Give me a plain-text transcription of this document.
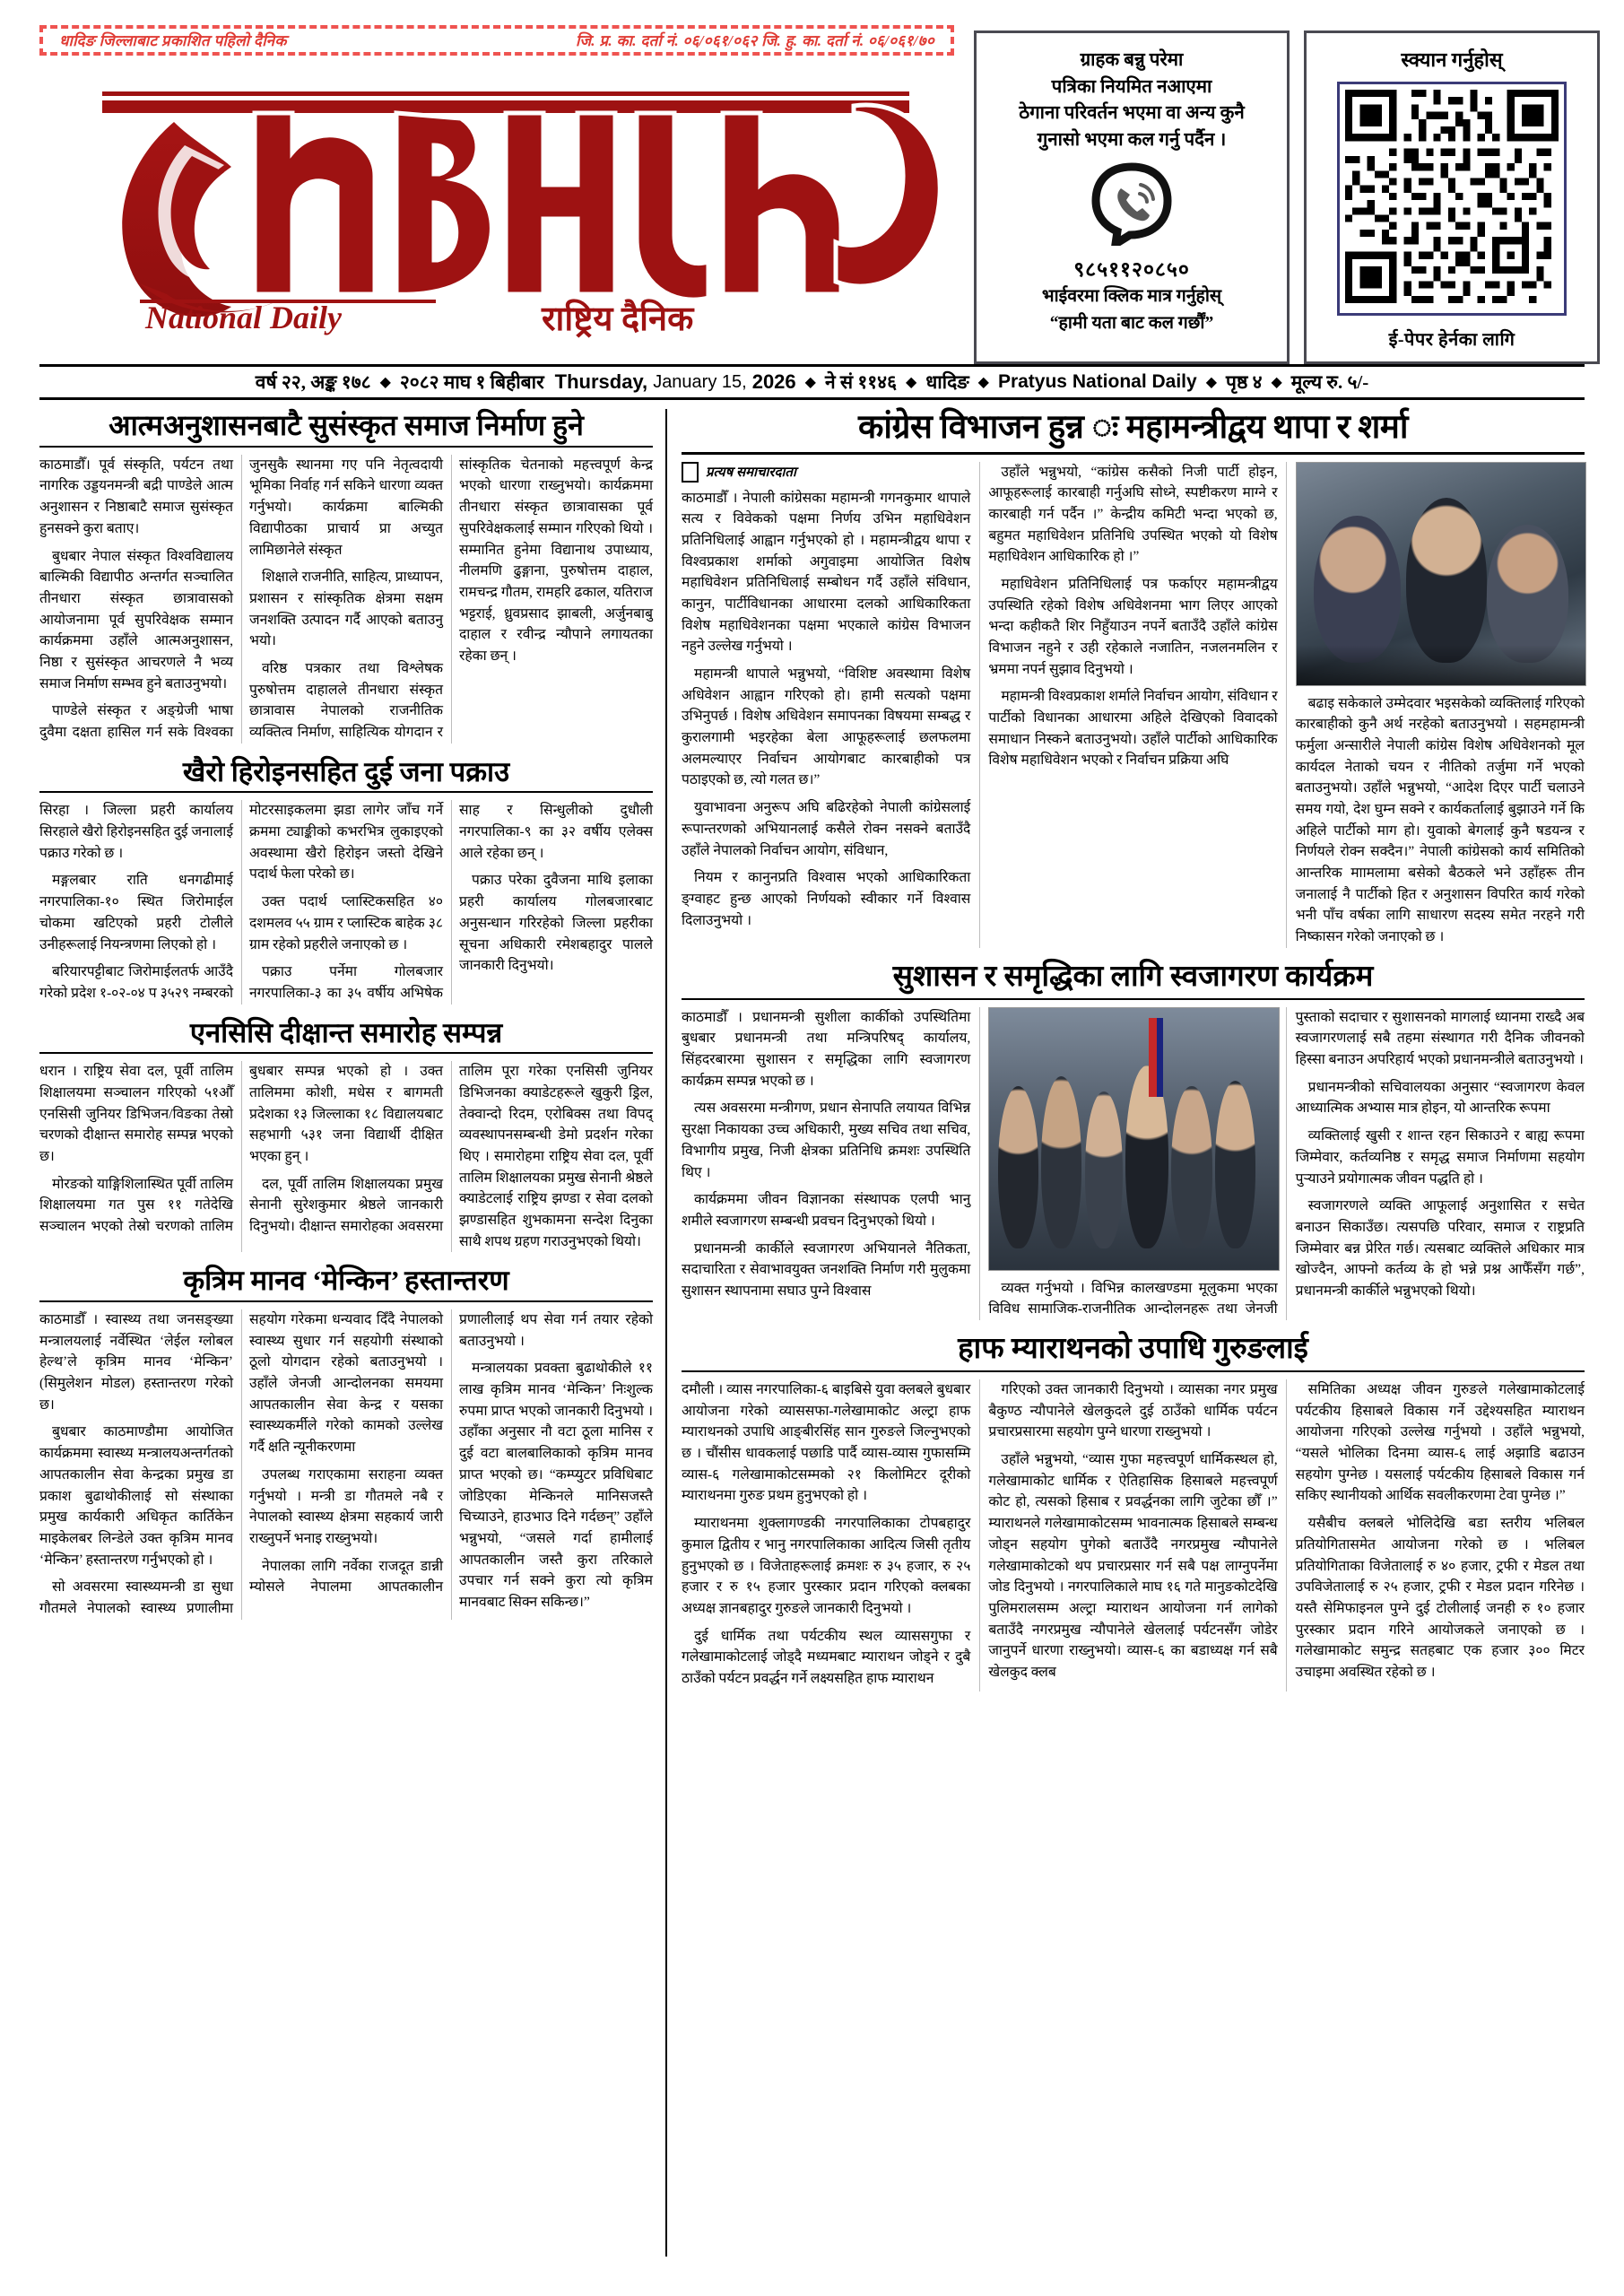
धादिङ जिल्लाबाट प्रकाशित पहिलो दैनिक	जि. प्र. का. दर्ता नं. ०६/०६१/०६२ जि. हु. का. दर्ता नं. ०६/०६१/७०
National Daily	राष्ट्रिय दैनिक
ग्राहक बन्नु परेमा
पत्रिका नियमित नआएमा
ठेगाना परिवर्तन भएमा वा अन्य कुनै
गुनासो भएमा कल गर्नु पर्दैन ।
९८५११२०८५०
भाईवरमा क्लिक मात्र गर्नुहोस्
“हामी यता बाट कल गर्छौं”
स्क्यान गर्नुहोस्
ई-पेपर हेर्नका लागि
वर्ष २२, अङ्क १७८ ◆ २०८२ माघ १ बिहीबार Thursday, January 15, 2026 ◆ ने सं ११४६ ◆ धादिङ ◆ Pratyus National Daily ◆ पृष्ठ ४ ◆ मूल्य रु. ५/-
आत्मअनुशासनबाटै सुसंस्कृत समाज निर्माण हुने

काठमाडौँ। पूर्व संस्कृति, पर्यटन तथा नागरिक उड्डयनमन्त्री बद्री पाण्डेले आत्म अनुशासन र निष्ठाबाटै समाज सुसंस्कृत हुनसक्ने कुरा बताए।

बुधबार नेपाल संस्कृत विश्वविद्यालय बाल्मिकी विद्यापीठ अन्तर्गत सञ्चालित तीनधारा संस्कृत छात्रावासको आयोजनामा पूर्व सुपरिवेक्षक सम्मान कार्यक्रममा उहाँले आत्मअनुशासन, निष्ठा र सुसंस्कृत आचरणले नै भव्य समाज निर्माण सम्भव हुने बताउनुभयो।

पाण्डेले संस्कृत र अङ्ग्रेजी भाषा दुवैमा दक्षता हासिल गर्न सके विश्वका जुनसुकै स्थानमा गए पनि नेतृत्वदायी भूमिका निर्वाह गर्न सकिने धारणा व्यक्त गर्नुभयो। कार्यक्रमा बाल्मिकी विद्यापीठका प्राचार्य प्रा अच्युत लामिछानेले संस्कृत

शिक्षाले राजनीति, साहित्य, प्राध्यापन, प्रशासन र सांस्कृतिक क्षेत्रमा सक्षम जनशक्ति उत्पादन गर्दै आएको बताउनु भयो।

वरिष्ठ पत्रकार तथा विश्लेषक पुरुषोत्तम दाहालले तीनधारा संस्कृत छात्रावास नेपालको राजनीतिक व्यक्तित्व निर्माण, साहित्यिक योगदान र सांस्कृतिक चेतनाको महत्त्वपूर्ण केन्द्र भएको धारणा राख्नुभयो। कार्यक्रममा तीनधारा संस्कृत छात्रावासका पूर्व सुपरिवेक्षकलाई सम्मान गरिएको थियो । सम्मानित हुनेमा विद्यानाथ उपाध्याय, नीलमणि ढुङ्गाना, पुरुषोत्तम दाहाल, रामचन्द्र गौतम, रामहरि ढकाल, यतिराज भट्टराई, ध्रुवप्रसाद झाबली, अर्जुनबाबु दाहाल र रवीन्द्र न्यौपाने लगायतका रहेका छन् ।

खैरो हिरोइनसहित दुई जना पक्राउ

सिरहा । जिल्ला प्रहरी कार्यालय सिरहाले खैरो हिरोइनसहित दुई जनालाई पक्राउ गरेको छ ।

मङ्गलबार राति धनगढीमाई नगरपालिका-१० स्थित जिरोमाईल चोकमा खटिएको प्रहरी टोलीले उनीहरूलाई नियन्त्रणमा लिएको हो ।

बरियारपट्टीबाट जिरोमाईलतर्फ आउँदै गरेको प्रदेश १-०२-०४ प ३५२९ नम्बरको मोटरसाइकलमा झडा लागेर जाँच गर्ने क्रममा ट्याङ्कीको कभरभित्र लुकाइएको अवस्थामा खैरो हिरोइन जस्तो देखिने पदार्थ फेला परेको छ।

उक्त पदार्थ प्लास्टिकसहित ४० दशमलव ५५ ग्राम र प्लास्टिक बाहेक ३८ ग्राम रहेको प्रहरीले जनाएको छ ।

पक्राउ पर्नेमा गोलबजार नगरपालिका-३ का ३५ वर्षीय अभिषेक साह र सिन्धुलीको दुधौली नगरपालिका-९ का ३२ वर्षीय एलेक्स आले रहेका छन् ।

पक्राउ परेका दुवैजना माथि इलाका प्रहरी कार्यालय गोलबजारबाट अनुसन्धान गरिरहेको जिल्ला प्रहरीका सूचना अधिकारी रमेशबहादुर पाललेे जानकारी दिनुभयो।

एनसिसि दीक्षान्त समारोह सम्पन्न

धरान । राष्ट्रिय सेवा दल, पूर्वी तालिम शिक्षालयमा सञ्चालन गरिएको ५१औँ एनसिसी जुनियर डिभिजन/विङका तेस्रो चरणको दीक्षान्त समारोह सम्पन्न भएको छ।

मोरङको याङ्गिशिलास्थित पूर्वी तालिम शिक्षालयमा गत पुस ११ गतेदेखि सञ्चालन भएको तेस्रो चरणको तालिम बुधबार सम्पन्न भएको हो । उक्त तालिममा कोशी, मधेस र बागमती प्रदेशका १३ जिल्लाका १८ विद्यालयबाट सहभागी ५३१ जना विद्यार्थी दीक्षित भएका हुन् ।

दल, पूर्वी तालिम शिक्षालयका प्रमुख सेनानी सुरेशकुमार श्रेष्ठले जानकारी दिनुभयो। दीक्षान्त समारोहका अवसरमा तालिम पूरा गरेका एनसिसी जुनियर डिभिजनका क्याडेटहरूले खुकुरी ड्रिल, तेक्वान्दो रिदम, एरोबिक्स तथा विपद् व्यवस्थापनसम्बन्धी डेमो प्रदर्शन गरेका थिए । समारोहमा राष्ट्रिय सेवा दल, पूर्वी तालिम शिक्षालयका प्रमुख सेनानी श्रेष्ठले क्याडेटलाई राष्ट्रिय झण्डा र सेवा दलको झण्डासहित शुभकामना सन्देश दिनुका साथै शपथ ग्रहण गराउनुभएको थियो।

कृत्रिम मानव ‘मेन्किन’ हस्तान्तरण

काठमाडौँ । स्वास्थ्य तथा जनसङ्ख्या मन्त्रालयलाई नर्वेस्थित ‘लेईल ग्लोबल हेल्थ’ले कृत्रिम मानव ‘मेन्किन’ (सिमुलेशन मोडल) हस्तान्तरण गरेको छ।

बुधबार काठमाण्डौमा आयोजित कार्यक्रममा स्वास्थ्य मन्त्रालयअन्तर्गतको आपतकालीन सेवा केन्द्रका प्रमुख डा प्रकाश बुढाथोकीलाई सो संस्थाका प्रमुख कार्यकारी अधिकृत कार्तिकेन माइकेलबर लिन्डेले उक्त कृत्रिम मानव ‘मेन्किन’ हस्तान्तरण गर्नुभएको हो ।

सो अवसरमा स्वास्थ्यमन्त्री डा सुधा गौतमले नेपालको स्वास्थ्य प्रणालीमा सहयोग गरेकमा धन्यवाद दिँदै नेपालको स्वास्थ्य सुधार गर्न सहयोगी संस्थाको ठूलो योगदान रहेको बताउनुभयो । उहाँले जेनजी आन्दोलनका समयमा आपतकालीन सेवा केन्द्र र यसका स्वास्थ्यकर्मीले गरेको कामको उल्लेख गर्दै क्षति न्यूनीकरणमा

उपलब्ध गराएकामा सराहना व्यक्त गर्नुभयो । मन्त्री डा गौतमले नबै र नेपालको स्वास्थ्य क्षेत्रमा सहकार्य जारी राख्नुपर्ने भनाइ राख्नुभयो।

नेपालका लागि नर्वेका राजदूत डान्नी म्योसले नेपालमा आपतकालीन प्रणालीलाई थप सेवा गर्न तयार रहेको बताउनुभयो ।

मन्त्रालयका प्रवक्ता बुढाथोकीले ११ लाख कृत्रिम मानव ‘मेन्किन’ निःशुल्क रुपमा प्राप्त भएको जानकारी दिनुभयो । उहाँका अनुसार नौ वटा ठूला मानिस र दुई वटा बालबालिकाको कृत्रिम मानव प्राप्त भएको छ। “कम्प्युटर प्रविधिबाट जोडिएका मेन्किनले मानिसजस्तै चिच्याउने, हाउभाउ दिने गर्दछन्” उहाँले भन्नुभयो, “जसले गर्दा हामीलाई आपतकालीन जस्तै कुरा तरिकाले उपचार गर्न सक्ने कुरा त्यो कृत्रिम मानवबाट सिक्न सकिन्छ।”

कांग्रेस विभाजन हुन्न ः महामन्त्रीद्वय थापा र शर्मा
प्रत्यष समाचारदाता

काठमाडौँ । नेपाली कांग्रेसका महामन्त्री गगनकुमार थापाले सत्य र विवेकको पक्षमा निर्णय उभिन महाधिवेशन प्रतिनिधिलाई आह्वान गर्नुभएको हो । महामन्त्रीद्वय थापा र विश्वप्रकाश शर्माको अगुवाइमा आयोजित विशेष महाधिवेशन प्रतिनिधिलाई सम्बोधन गर्दै उहाँले संविधान, कानुन, पार्टीविधानका आधारमा दलको आधिकारिकता विशेष महाधिवेशनका पक्षमा भएकाले कांग्रेस विभाजन नहुने उल्लेख गर्नुभयो ।

महामन्त्री थापाले भन्नुभयो, “विशिष्ट अवस्थामा विशेष अधिवेशन आह्वान गरिएको हो। हामी सत्यको पक्षमा उभिनुपर्छ । विशेष अधिवेशन समापनका विषयमा सम्बद्ध र कुरालगामी भइरहेका बेला आफूहरूलाई छलफलमा अलमल्याएर निर्वाचन आयोगबाट कारबाहीको पत्र पठाइएको छ, त्यो गलत छ।”

युवाभावना अनुरूप अघि बढिरहेको नेपाली कांग्रेसलाई रूपान्तरणको अभियानलाई कसैले रोक्न नसक्ने बताउँदै उहाँले नेपालको निर्वाचन आयोग, संविधान,

नियम र कानुनप्रति विश्वास भएकोे आधिकारिकता ङ्ग्वाहट हुन्छ आएको निर्णयको स्वीकार गर्ने विश्वास दिलाउनुभयो ।

उहाँले भन्नुभयो, “कांग्रेस कसैको निजी पार्टी होइन, आफूहरूलाई कारबाही गर्नुअघि सोध्ने, स्पष्टीकरण माग्ने र कारबाही गर्न पर्दैन ।” केन्द्रीय कमिटी भन्दा भएको छ, बहुमत महाधिवेशन प्रतिनिधि उपस्थित भएको यो विशेष महाधिवेशन आधिकारिक हो ।”

महाधिवेशन प्रतिनिधिलाई पत्र फर्काएर महामन्त्रीद्वय उपस्थिति रहेको विशेष अधिवेशनमा भाग लिएर आएको भन्दा कहीकतै शिर निहुँयाउन नपर्ने बताउँदै उहाँले कांग्रेस विभाजन नहुने र उही रहेकाले नजातिन, नजलनमलिन र भ्रममा नपर्न सुझाव दिनुभयो ।

महामन्त्री विश्वप्रकाश शर्माले निर्वाचन आयोग, संविधान र पार्टीको विधानका आधारमा अहिले देखिएको विवादको समाधान निस्कने बताउनुभयो। उहाँले पार्टीको आधिकारिक विशेष महाधिवेशन भएको र निर्वाचन प्रक्रिया अघि

बढाइ सकेकाले उम्मेदवार भइसकेको व्यक्तिलाई गरिएको कारबाहीको कुनै अर्थ नरहेको बताउनुभयो । सहमहामन्त्री फर्मुला अन्सारीले नेपाली कांग्रेस विशेष अधिवेशनको मूल कार्यदल नेताको चयन र नीतिको तर्जुमा गर्ने भएको बताउनुभयो। उहाँले भन्नुभयो, “आदेश दिएर पार्टी चलाउने समय गयो, देश घुम्न सक्ने र कार्यकर्तालाई बुझाउने गर्ने कि अहिले पार्टीको माग हो। युवाको बेगलाई कुनै षडयन्त्र र निर्णयले रोक्न सक्दैन।” नेपाली कांग्रेसको कार्य समितिको आन्तरिक माामलामा बसेको बैठकले भने उहाँहरू तीन जनालाई नै पार्टीको हित र अनुशासन विपरित कार्य गरेको भनी पाँच वर्षका लागि साधारण सदस्य समेत नरहने गरी निष्कासन गरेको जनाएको छ ।

सुशासन र समृद्धिका लागि स्वजागरण कार्यक्रम

काठमाडौँ । प्रधानमन्त्री सुशीला कार्कीको उपस्थितिमा बुधबार प्रधानमन्त्री तथा मन्त्रिपरिषद् कार्यालय, सिंहदरबारमा सुशासन र समृद्धिका लागि स्वजागरण कार्यक्रम सम्पन्न भएको छ ।

त्यस अवसरमा मन्त्रीगण, प्रधान सेनापति लयायत विभिन्न सुरक्षा निकायका उच्च अधिकारी, मुख्य सचिव तथा सचिव, विभागीय प्रमुख, निजी क्षेत्रका प्रतिनिधि क्रमशः उपस्थिति थिए ।

कार्यक्रममा जीवन विज्ञानका संस्थापक एलपी भानु शमीले स्वजागरण सम्बन्धी प्रवचन दिनुभएको थियो ।

प्रधानमन्त्री कार्कीले स्वजागरण अभियानले नैतिकता, सदाचारिता र सेवाभावयुक्त जनशक्ति निर्माण गरी मुलुकमा सुशासन स्थापनामा सघाउ पुग्ने विश्वास	व्यक्त गर्नुभयो । विभिन्न कालखण्डमा मूलुकमा भएका विविध सामाजिक-राजनीतिक आन्दोलनहरू तथा जेनजी पुस्ताको सदाचार र सुशासनको मागलाई ध्यानमा राख्दै अब स्वजागरणलाई सबै तहमा संस्थागत गरी दैनिक जीवनको हिस्सा बनाउन अपरिहार्य भएको प्रधानमन्त्रीले बताउनुभयो ।

प्रधानमन्त्रीको सचिवालयका अनुसार “स्वजागरण केवल आध्यात्मिक अभ्यास मात्र होइन, यो आन्तरिक रूपमा

व्यक्तिलाई खुसी र शान्त रहन सिकाउने र बाह्य रूपमा जिम्मेवार, कर्तव्यनिष्ठ र समृद्ध समाज निर्माणमा सहयोग पुऱ्याउने प्रयोगात्मक जीवन पद्धति हो ।

स्वजागरणले व्यक्ति आफूलाई अनुशासित र सचेत बनाउन सिकाउँछ। त्यसपछि परिवार, समाज र राष्ट्रप्रति जिम्मेवार बन्न प्रेरित गर्छ। त्यसबाट व्यक्तिले अधिकार मात्र खोज्दैन, आफ्नो कर्तव्य के हो भन्ने प्रश्न आफैँसँग गर्छ”, प्रधानमन्त्री कार्कीले भन्नुभएको थियो।

हाफ म्याराथनको उपाधि गुरुङलाई

दमौली । व्यास नगरपालिका-६ बाइबिसे युवा क्लबले बुधबार आयोजना गरेको व्याससफा-गलेखामाकोट अल्ट्रा हाफ म्याराथनको उपाधि आङ्बीरसिंह सान गुरुङले जिल्नुभएको छ । चौंसीस धावकलाई पछाडि पार्दै व्यास-व्यास गुफासम्मि व्यास-६ गलेखामाकोटसम्मको २१ किलोमिटर दूरीको म्याराथनमा गुरुङ प्रथम हुनुभएको हो ।

म्याराथनमा शुक्लागण्डकी नगरपालिकाका टोपबहादुर कुमाल द्वितीय र भानु नगरपालिकाका आदित्य जिसी तृतीय हुनुभएको छ । विजेताहरूलाई क्रमशः रु ३५ हजार, रु २५ हजार र रु १५ हजार पुरस्कार प्रदान गरिएको क्लबका अध्यक्ष ज्ञानबहादुर गुरुङले जानकारी दिनुभयो ।

दुई धार्मिक तथा पर्यटकीय स्थल व्याससगुफा र गलेखामाकोटलाई जोड्दै मध्यमबाट म्याराथन जोड्ने र दुबै ठाउँको पर्यटन प्रवर्द्धन गर्ने लक्ष्यसहित हाफ म्याराथन

गरिएको उक्त जानकारी दिनुभयो । व्यासका नगर प्रमुख बैकुण्ठ न्यौपानेले खेलकुदले दुई ठाउँको धार्मिक पर्यटन प्रचारप्रसारमा सहयोग पुग्ने धारणा राख्नुभयो ।

उहाँले भन्नुभयो, “व्यास गुफा महत्त्वपूर्ण धार्मिकस्थल हो, गलेखामाकोट धार्मिक र ऐतिहासिक हिसाबले महत्त्वपूर्ण कोट हो, त्यसको हिसाब र प्रवर्द्धनका लागि जुटेका छौँ ।” म्याराथनले गलेखामाकोटसम्म भावनात्मक हिसाबले सम्बन्ध जोड्न सहयोग पुगेको बताउँदै नगरप्रमुख न्यौपानेले गलेखामाकोटको थप प्रचारप्रसार गर्न सबै पक्ष लाग्नुपर्नेमा जोड दिनुभयो । नगरपालिकाले माघ १६ गते मानुङकोटदेखि पुलिमरालसम्म अल्ट्रा म्याराथन आयोजना गर्न लागेको बताउँदै नगरप्रमुख न्यौपानेले खेललाई पर्यटनसँग जोडेर जानुपर्ने धारणा राख्नुभयो। व्यास-६ का बडाध्यक्ष गर्न सबै खेलकुद क्लब

समितिका अध्यक्ष जीवन गुरुङले गलेखामाकोटलाई पर्यटकीय हिसाबले विकास गर्ने उद्देश्यसहित म्याराथन आयोजना गरिएको उल्लेख गर्नुभयो । उहाँले भन्नुभयो, “यसले भोलिका दिनमा व्यास-६ लाई अझाडि बढाउन सहयोग पुग्नेछ । यसलाई पर्यटकीय हिसाबले विकास गर्न सकिए स्थानीयको आर्थिक सवलीकरणमा टेवा पुग्नेछ ।”

यसैबीच क्लबले भोलिदेखि बडा स्तरीय भलिबल प्रतियोगितासमेत आयोजना गरेको छ । भलिबल प्रतियोगिताका विजेतालाई रु ४० हजार, ट्रफी र मेडल तथा उपविजेतालाई रु २५ हजार, ट्रफी र मेडल प्रदान गरिनेछ । यस्तै सेमिफाइनल पुग्ने दुई टोलीलाई जनही रु १० हजार पुरस्कार प्रदान गरिने आयोजकले जनाएको छ । गलेखामाकोट समुन्द्र सतहबाट एक हजार ३०० मिटर उचाइमा अवस्थित रहेको छ ।
